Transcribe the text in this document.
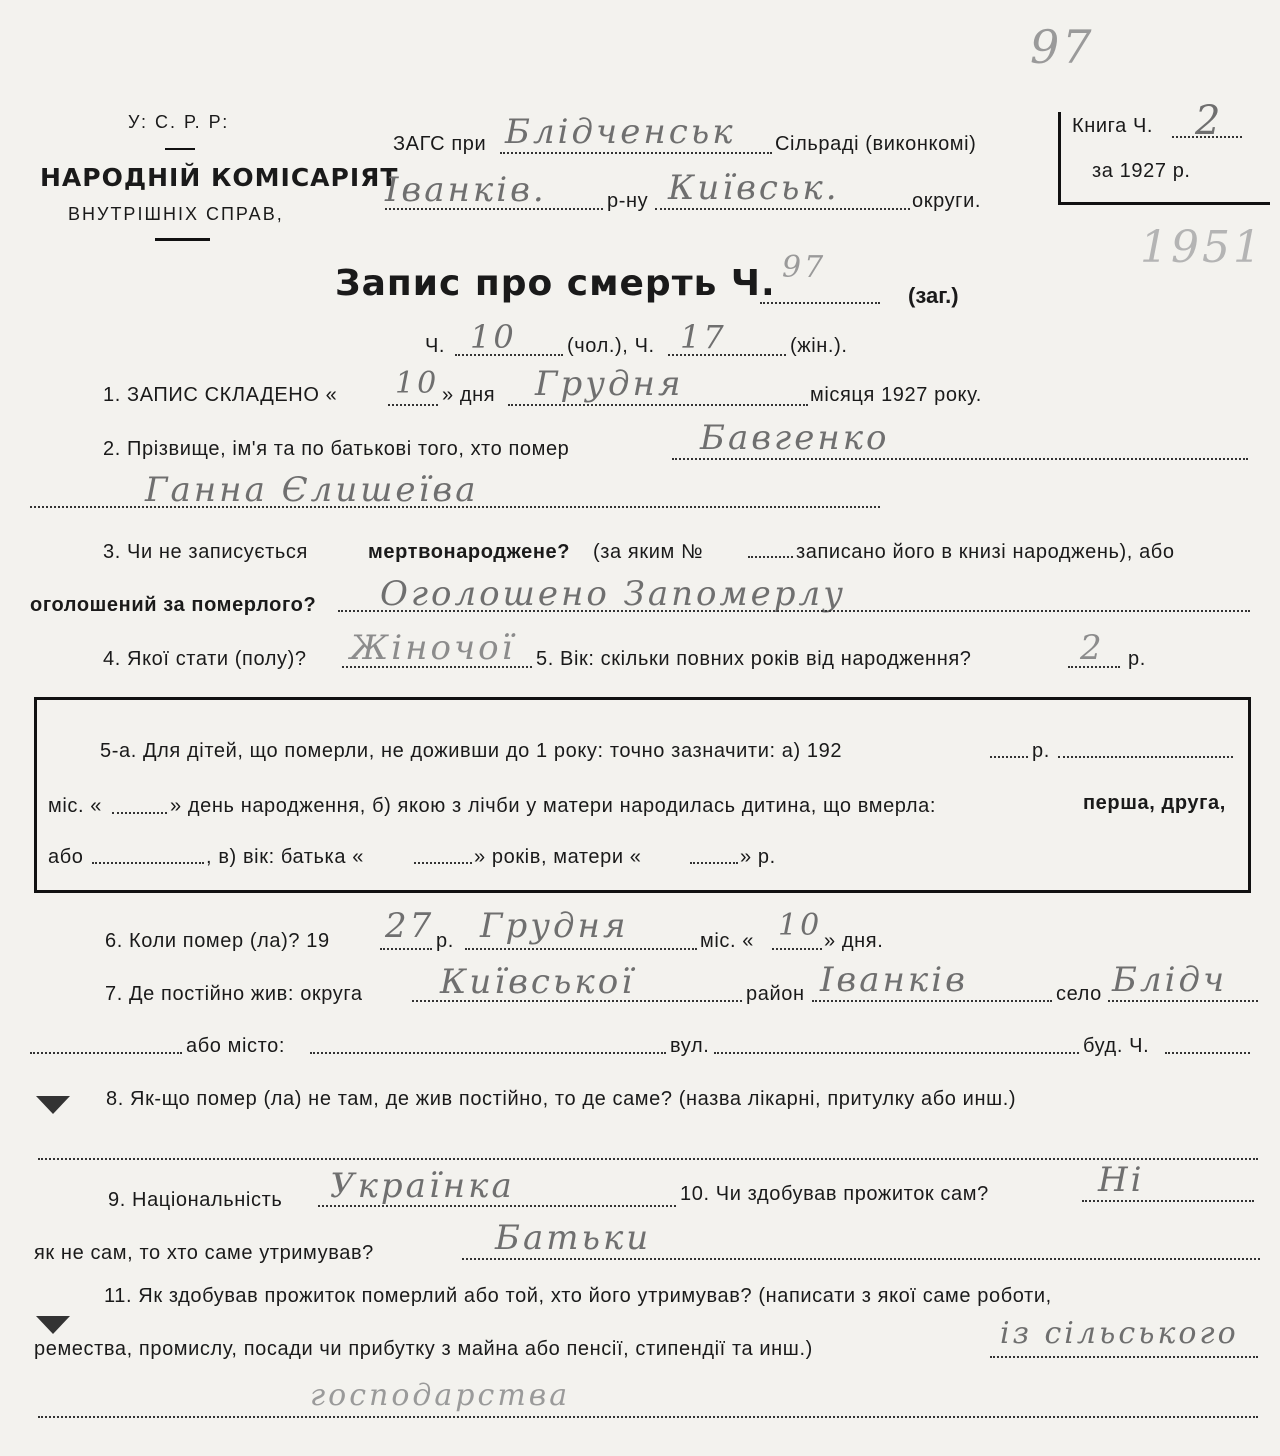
У: С. Р. Р:
НАРОДНІЙ КОМІСАРІЯТ
ВНУТРІШНІХ СПРАВ,
ЗАГС при Блідченськ Сільраді (виконкомі)
Іванків.	р-ну Київськ.	округи.
97
1951
Книга Ч. 2
за 1927 р.
Запис про смерть Ч. 97
(заг.)
Ч. 10	(чол.), Ч. 17	(жін.).
1. ЗАПИС СКЛАДЕНО « 10 » дня Грудня	місяця 1927 року.
2. Прізвище, ім'я та по батькові того, хто помер	Бавгенко
Ганна Єлишеїва
3. Чи не записується	мертвонароджене? (за яким №	записано його в книзі народжень), або
оголошений за померлого? Оголошено Запомерлу
4. Якої стати (полу)? Жіночої 5. Вік: скільки повних років від народження?	2 р.
5-а. Для дітей, що померли, не доживши до 1 року: точно зазначити: а) 192	р.
міс. «	» день народження, б) якою з лічби у матери народилась дитина, що вмерла:	перша, друга,
або	, в) вік: батька «	» років, матери «	» р.
6. Коли помер (ла)? 19 27 р. Грудня	міс. « 10 » дня.
7. Де постійно жив: округа Київської	район Іванків	село Блідч
або місто:	вул.	буд. Ч.
8. Як-що помер (ла) не там, де жив постійно, то де саме? (назва лікарні, притулку або инш.)
9. Національність Українка	10. Чи здобував прожиток сам?	Ні
як не сам, то хто саме утримував?	Батьки
11. Як здобував прожиток померлий або той, хто його утримував? (написати з якої саме роботи,
ремества, промислу, посади чи прибутку з майна або пенсії, стипендії та инш.)	із сільського
господарства
